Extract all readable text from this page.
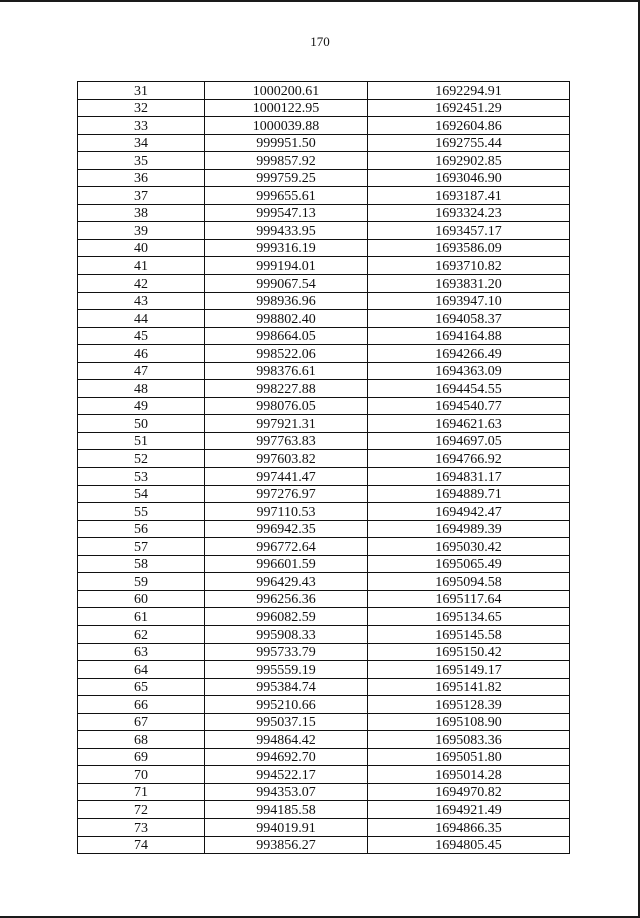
170
31	1000200.61	1692294.91
32	1000122.95	1692451.29
33	1000039.88	1692604.86
34	999951.50	1692755.44
35	999857.92	1692902.85
36	999759.25	1693046.90
37	999655.61	1693187.41
38	999547.13	1693324.23
39	999433.95	1693457.17
40	999316.19	1693586.09
41	999194.01	1693710.82
42	999067.54	1693831.20
43	998936.96	1693947.10
44	998802.40	1694058.37
45	998664.05	1694164.88
46	998522.06	1694266.49
47	998376.61	1694363.09
48	998227.88	1694454.55
49	998076.05	1694540.77
50	997921.31	1694621.63
51	997763.83	1694697.05
52	997603.82	1694766.92
53	997441.47	1694831.17
54	997276.97	1694889.71
55	997110.53	1694942.47
56	996942.35	1694989.39
57	996772.64	1695030.42
58	996601.59	1695065.49
59	996429.43	1695094.58
60	996256.36	1695117.64
61	996082.59	1695134.65
62	995908.33	1695145.58
63	995733.79	1695150.42
64	995559.19	1695149.17
65	995384.74	1695141.82
66	995210.66	1695128.39
67	995037.15	1695108.90
68	994864.42	1695083.36
69	994692.70	1695051.80
70	994522.17	1695014.28
71	994353.07	1694970.82
72	994185.58	1694921.49
73	994019.91	1694866.35
74	993856.27	1694805.45
